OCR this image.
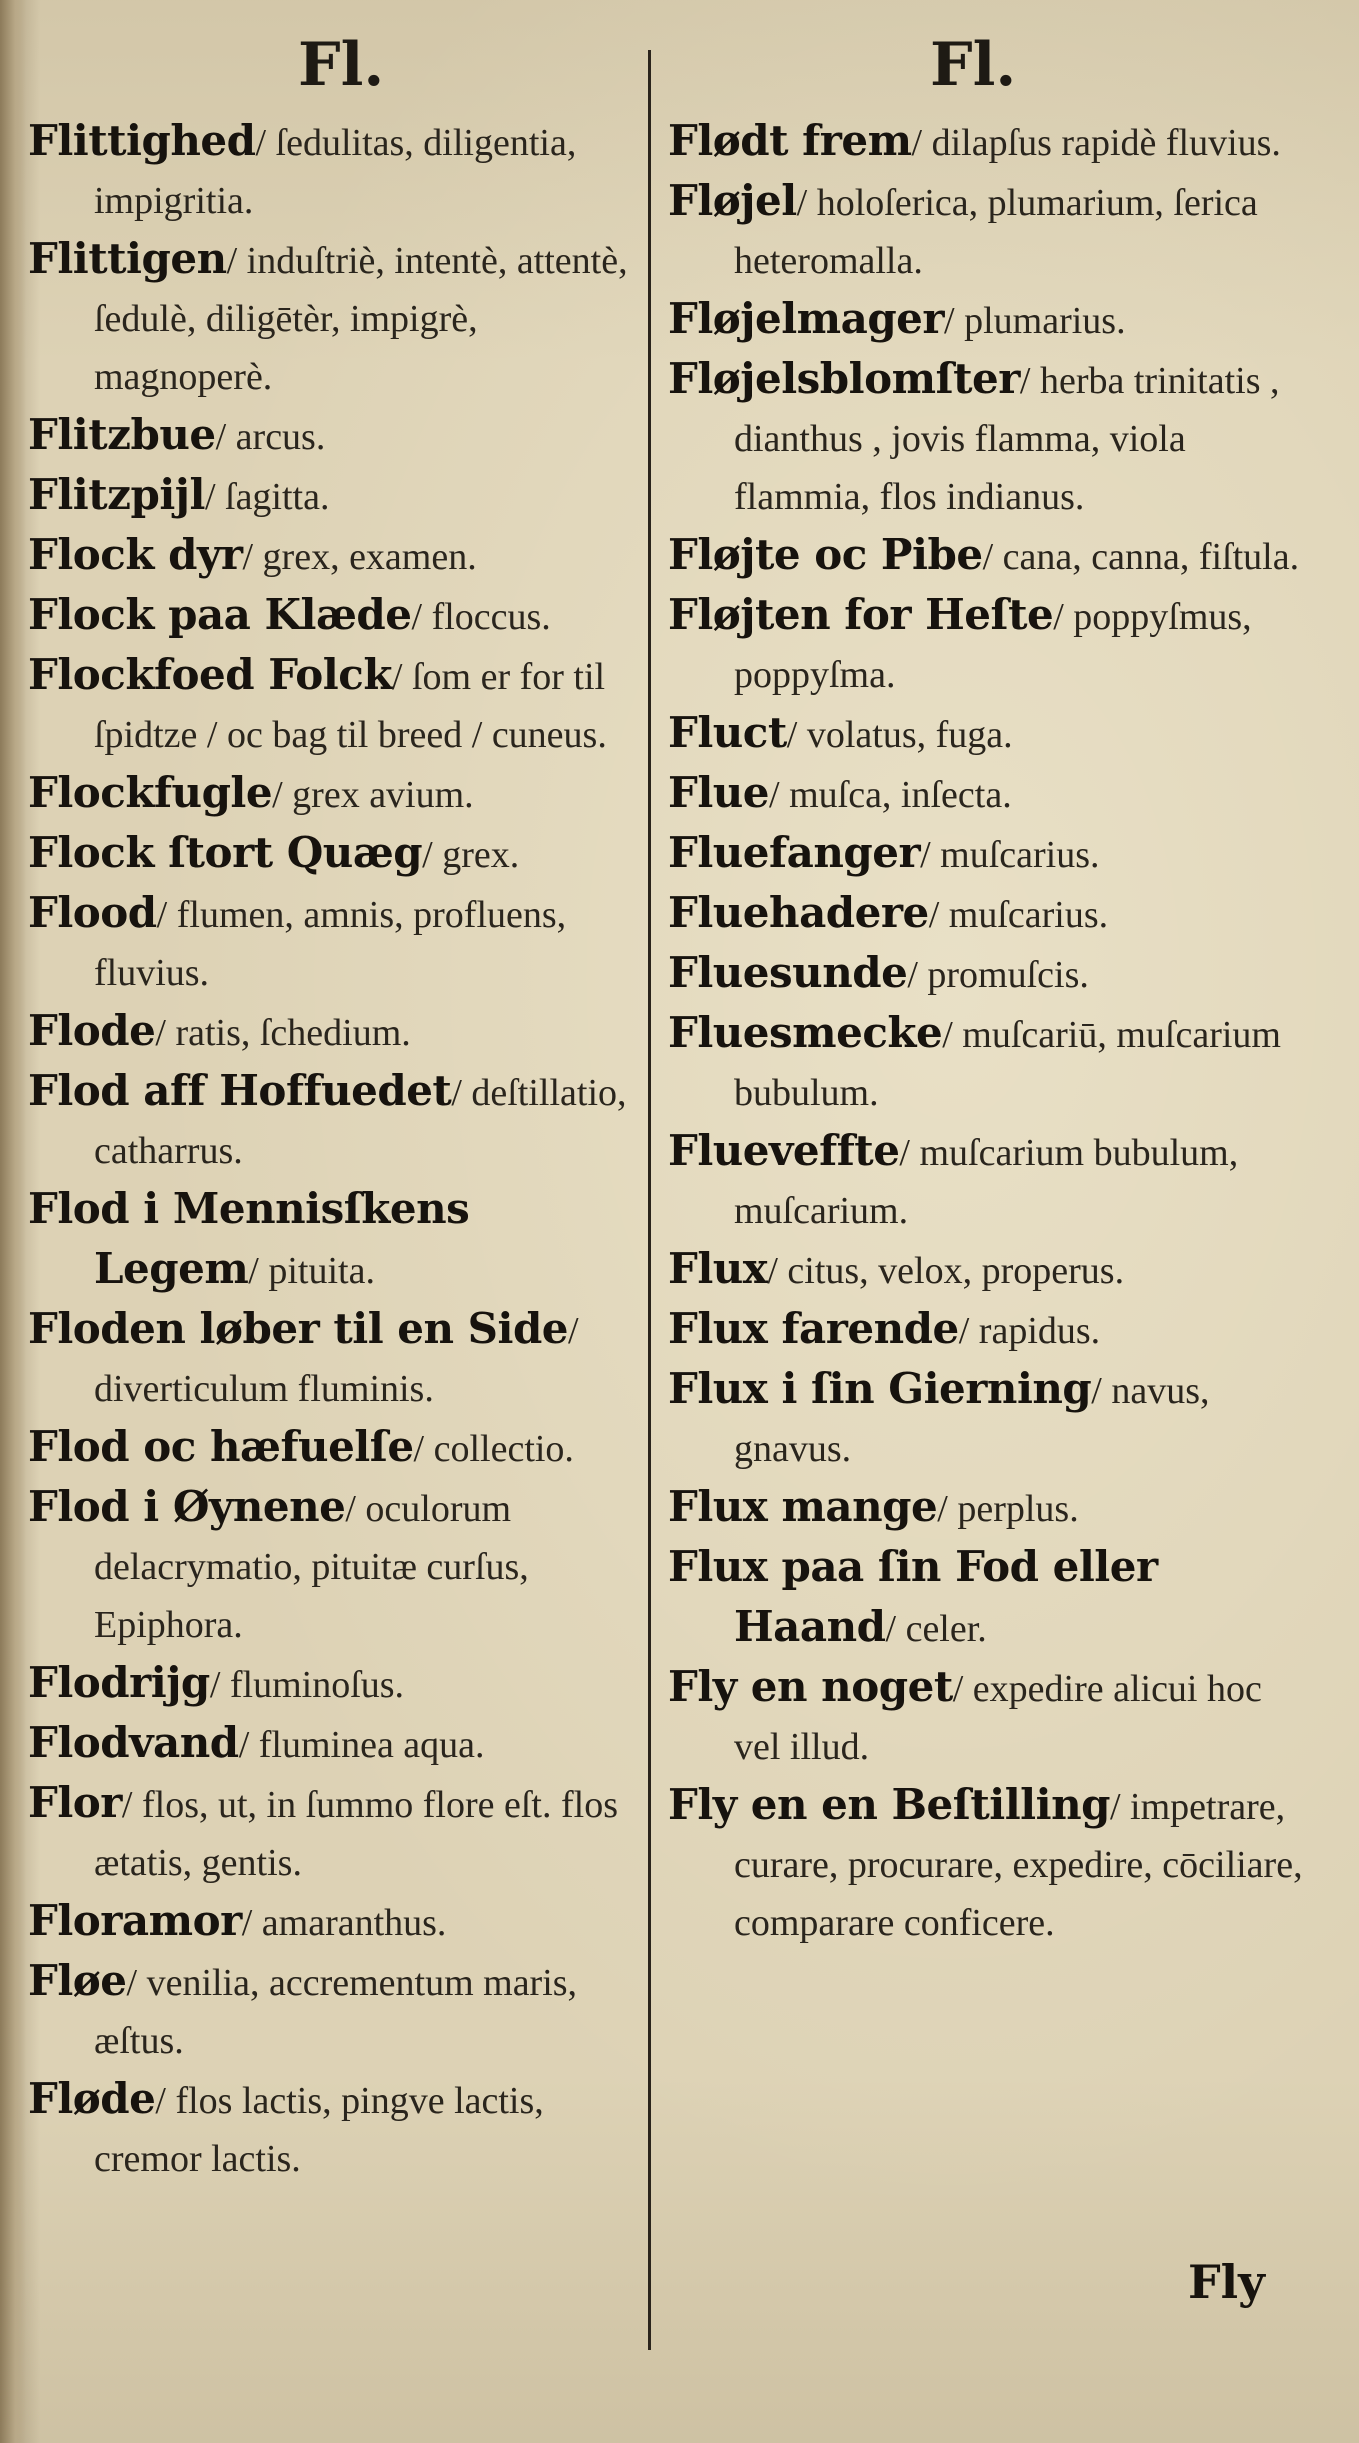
Fl.	Fl.

Flittighed/ ſedulitas, diligentia, impigritia.

Flittigen/ induſtriè, intentè, attentè, ſedulè, diligētèr, impigrè, magnoperè.

Flitzbue/ arcus.

Flitzpijl/ ſagitta.

Flock dyr/ grex, examen.

Flock paa Klæde/ floccus.

Flockfoed Folck/ ſom er for til ſpidtze / oc bag til breed / cuneus.

Flockfugle/ grex avium.

Flock ſtort Quæg/ grex.

Flood/ flumen, amnis, profluens, fluvius.

Flode/ ratis, ſchedium.

Flod aff Hoffuedet/ deſtillatio, catharrus.

Flod i Mennisſkens Legem/ pituita.

Floden løber til en Side/ diverticulum fluminis.

Flod oc hæfuelſe/ collectio.

Flod i Øynene/ oculorum delacrymatio, pituitæ curſus, Epiphora.

Flodrijg/ fluminoſus.

Flodvand/ fluminea aqua.

Flor/ flos, ut, in ſummo flore eſt. flos ætatis, gentis.

Floramor/ amaranthus.

Fløe/ venilia, accrementum maris, æſtus.

Fløde/ flos lactis, pingve lactis, cremor lactis.

Flødt frem/ dilapſus rapidè fluvius.

Fløjel/ holoſerica, plumarium, ſerica heteromalla.

Fløjelmager/ plumarius.

Fløjelsblomſter/ herba trinitatis , dianthus , jovis flamma, viola flammia, flos indianus.

Fløjte oc Pibe/ cana, canna, fiſtula.

Fløjten for Heſte/ poppyſmus, poppyſma.

Fluct/ volatus, fuga.

Flue/ muſca, inſecta.

Fluefanger/ muſcarius.

Fluehadere/ muſcarius.

Fluesunde/ promuſcis.

Fluesmecke/ muſcariū, muſcarium bubulum.

Flueveffte/ muſcarium bubulum, muſcarium.

Flux/ citus, velox, properus.

Flux farende/ rapidus.

Flux i ſin Gierning/ navus, gnavus.

Flux mange/ perplus.

Flux paa ſin Fod eller Haand/ celer.

Fly en noget/ expedire alicui hoc vel illud.

Fly en en Beſtilling/ impetrare, curare, procurare, expedire, cōciliare, comparare conficere.

Fly
